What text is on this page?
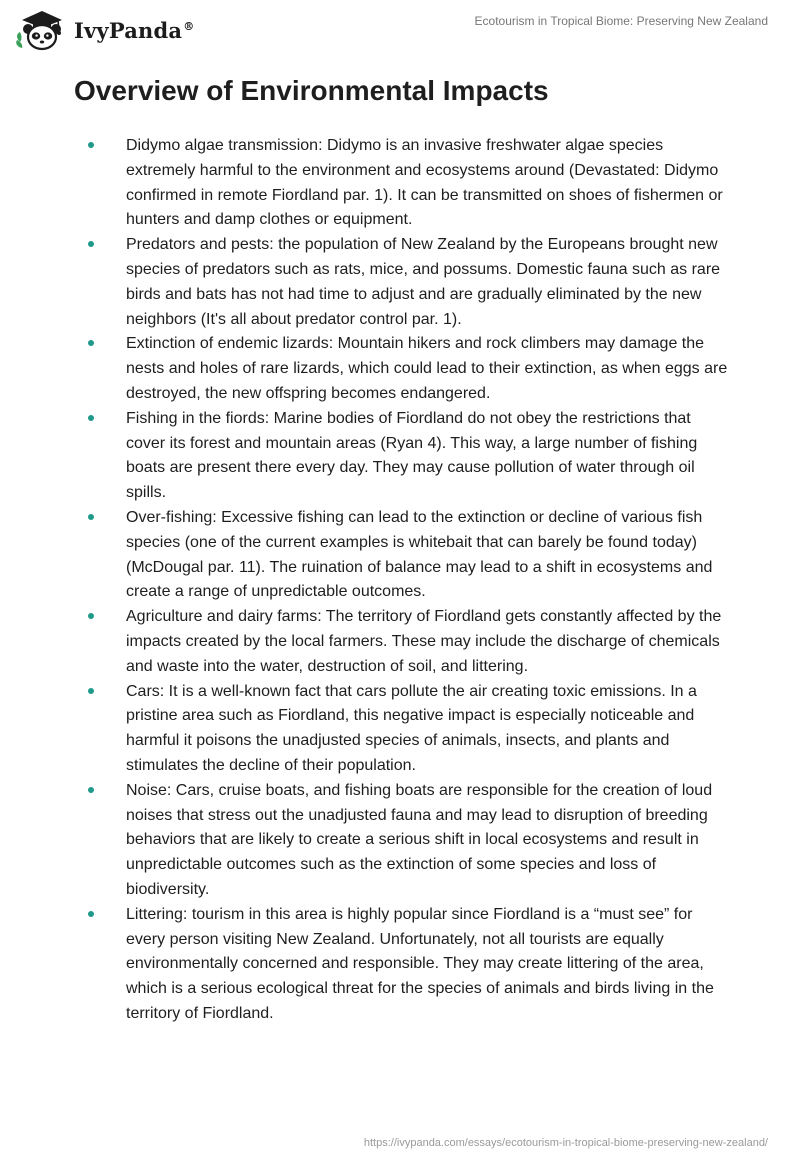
IvyPanda®	Ecotourism in Tropical Biome: Preserving New Zealand
Overview of Environmental Impacts
Didymo algae transmission: Didymo is an invasive freshwater algae species extremely harmful to the environment and ecosystems around (Devastated: Didymo confirmed in remote Fiordland par. 1). It can be transmitted on shoes of fishermen or hunters and damp clothes or equipment.
Predators and pests: the population of New Zealand by the Europeans brought new species of predators such as rats, mice, and possums. Domestic fauna such as rare birds and bats has not had time to adjust and are gradually eliminated by the new neighbors (It's all about predator control par. 1).
Extinction of endemic lizards: Mountain hikers and rock climbers may damage the nests and holes of rare lizards, which could lead to their extinction, as when eggs are destroyed, the new offspring becomes endangered.
Fishing in the fiords: Marine bodies of Fiordland do not obey the restrictions that cover its forest and mountain areas (Ryan 4). This way, a large number of fishing boats are present there every day. They may cause pollution of water through oil spills.
Over-fishing: Excessive fishing can lead to the extinction or decline of various fish species (one of the current examples is whitebait that can barely be found today) (McDougal par. 11). The ruination of balance may lead to a shift in ecosystems and create a range of unpredictable outcomes.
Agriculture and dairy farms: The territory of Fiordland gets constantly affected by the impacts created by the local farmers. These may include the discharge of chemicals and waste into the water, destruction of soil, and littering.
Cars: It is a well-known fact that cars pollute the air creating toxic emissions. In a pristine area such as Fiordland, this negative impact is especially noticeable and harmful it poisons the unadjusted species of animals, insects, and plants and stimulates the decline of their population.
Noise: Cars, cruise boats, and fishing boats are responsible for the creation of loud noises that stress out the unadjusted fauna and may lead to disruption of breeding behaviors that are likely to create a serious shift in local ecosystems and result in unpredictable outcomes such as the extinction of some species and loss of biodiversity.
Littering: tourism in this area is highly popular since Fiordland is a “must see” for every person visiting New Zealand. Unfortunately, not all tourists are equally environmentally concerned and responsible. They may create littering of the area, which is a serious ecological threat for the species of animals and birds living in the territory of Fiordland.
https://ivypanda.com/essays/ecotourism-in-tropical-biome-preserving-new-zealand/
